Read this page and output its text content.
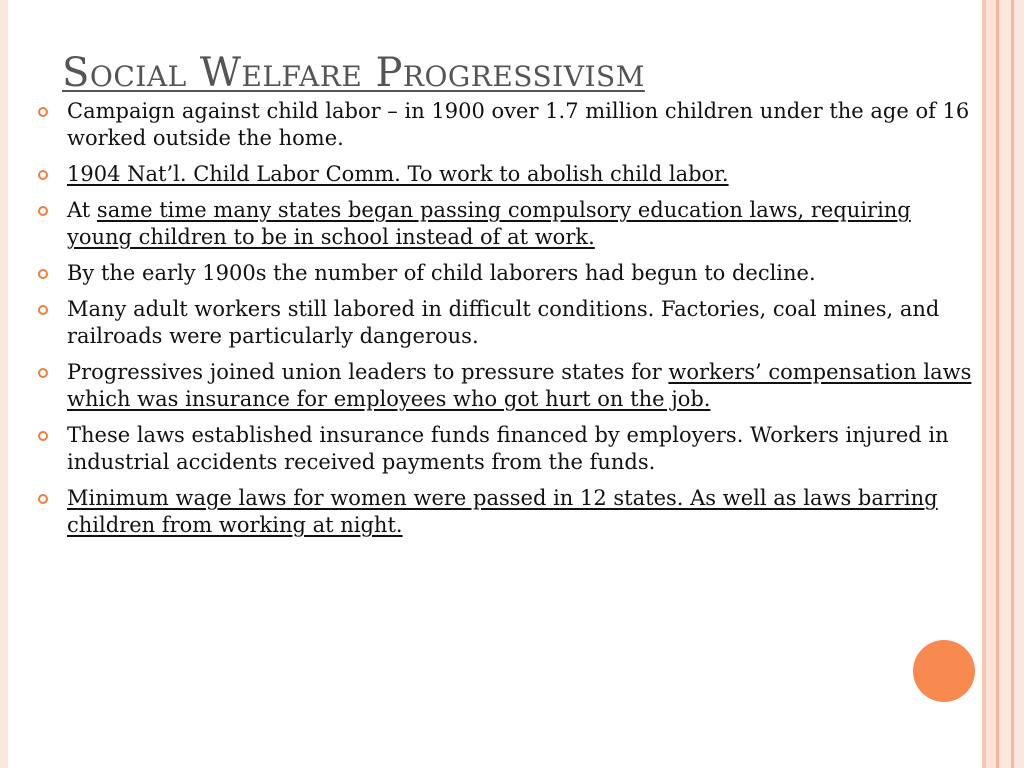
Social Welfare Progressivism
Campaign against child labor – in 1900 over 1.7 million children under the age of 16 worked outside the home.
1904 Nat’l. Child Labor Comm. To work to abolish child labor.
At same time many states began passing compulsory education laws, requiring young children to be in school instead of at work.
By the early 1900s the number of child laborers had begun to decline.
Many adult workers still labored in difficult conditions. Factories, coal mines, and railroads were particularly dangerous.
Progressives joined union leaders to pressure states for workers’ compensation laws which was insurance for employees who got hurt on the job.
These laws established insurance funds financed by employers. Workers injured in industrial accidents received payments from the funds.
Minimum wage laws for women were passed in 12 states. As well as laws barring children from working at night.
